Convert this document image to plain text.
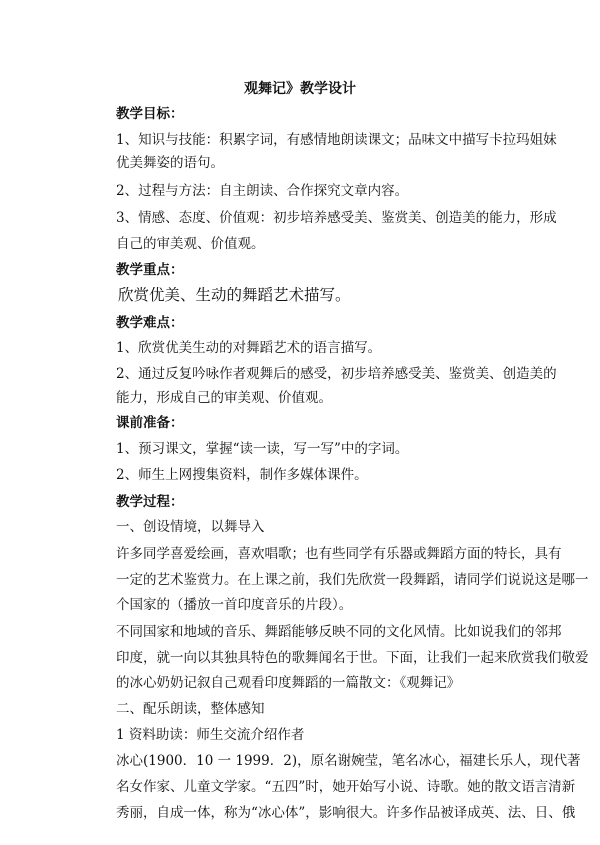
观舞记》教学设计
教学目标：
1、知识与技能：积累字词，有感情地朗读课文；品味文中描写卡拉玛姐妹
优美舞姿的语句。
2、过程与方法：自主朗读、合作探究文章内容。
3、情感、态度、价值观：初步培养感受美、鉴赏美、创造美的能力，形成
自己的审美观、价值观。
教学重点：
欣赏优美、生动的舞蹈艺术描写。
教学难点：
1、欣赏优美生动的对舞蹈艺术的语言描写。
2、通过反复吟咏作者观舞后的感受，初步培养感受美、鉴赏美、创造美的
能力，形成自己的审美观、价值观。
课前准备：
1、预习课文，掌握“读一读，写一写”中的字词。
2、师生上网搜集资料，制作多媒体课件。
教学过程：
一、创设情境，以舞导入
许多同学喜爱绘画，喜欢唱歌；也有些同学有乐器或舞蹈方面的特长，具有
一定的艺术鉴赏力。在上课之前，我们先欣赏一段舞蹈，请同学们说说这是哪一
个国家的（播放一首印度音乐的片段）。
不同国家和地域的音乐、舞蹈能够反映不同的文化风情。比如说我们的邻邦
印度，就一向以其独具特色的歌舞闻名于世。下面，让我们一起来欣赏我们敬爱
的冰心奶奶记叙自己观看印度舞蹈的一篇散文：《观舞记》
二、配乐朗读，整体感知
1 资料助读：师生交流介绍作者
冰心(1900．10 一 1999．2)，原名谢婉莹，笔名冰心，福建长乐人，现代著
名女作家、儿童文学家。“五四”时，她开始写小说、诗歌。她的散文语言清新
秀丽，自成一体，称为“冰心体”，影响很大。许多作品被译成英、法、日、俄
